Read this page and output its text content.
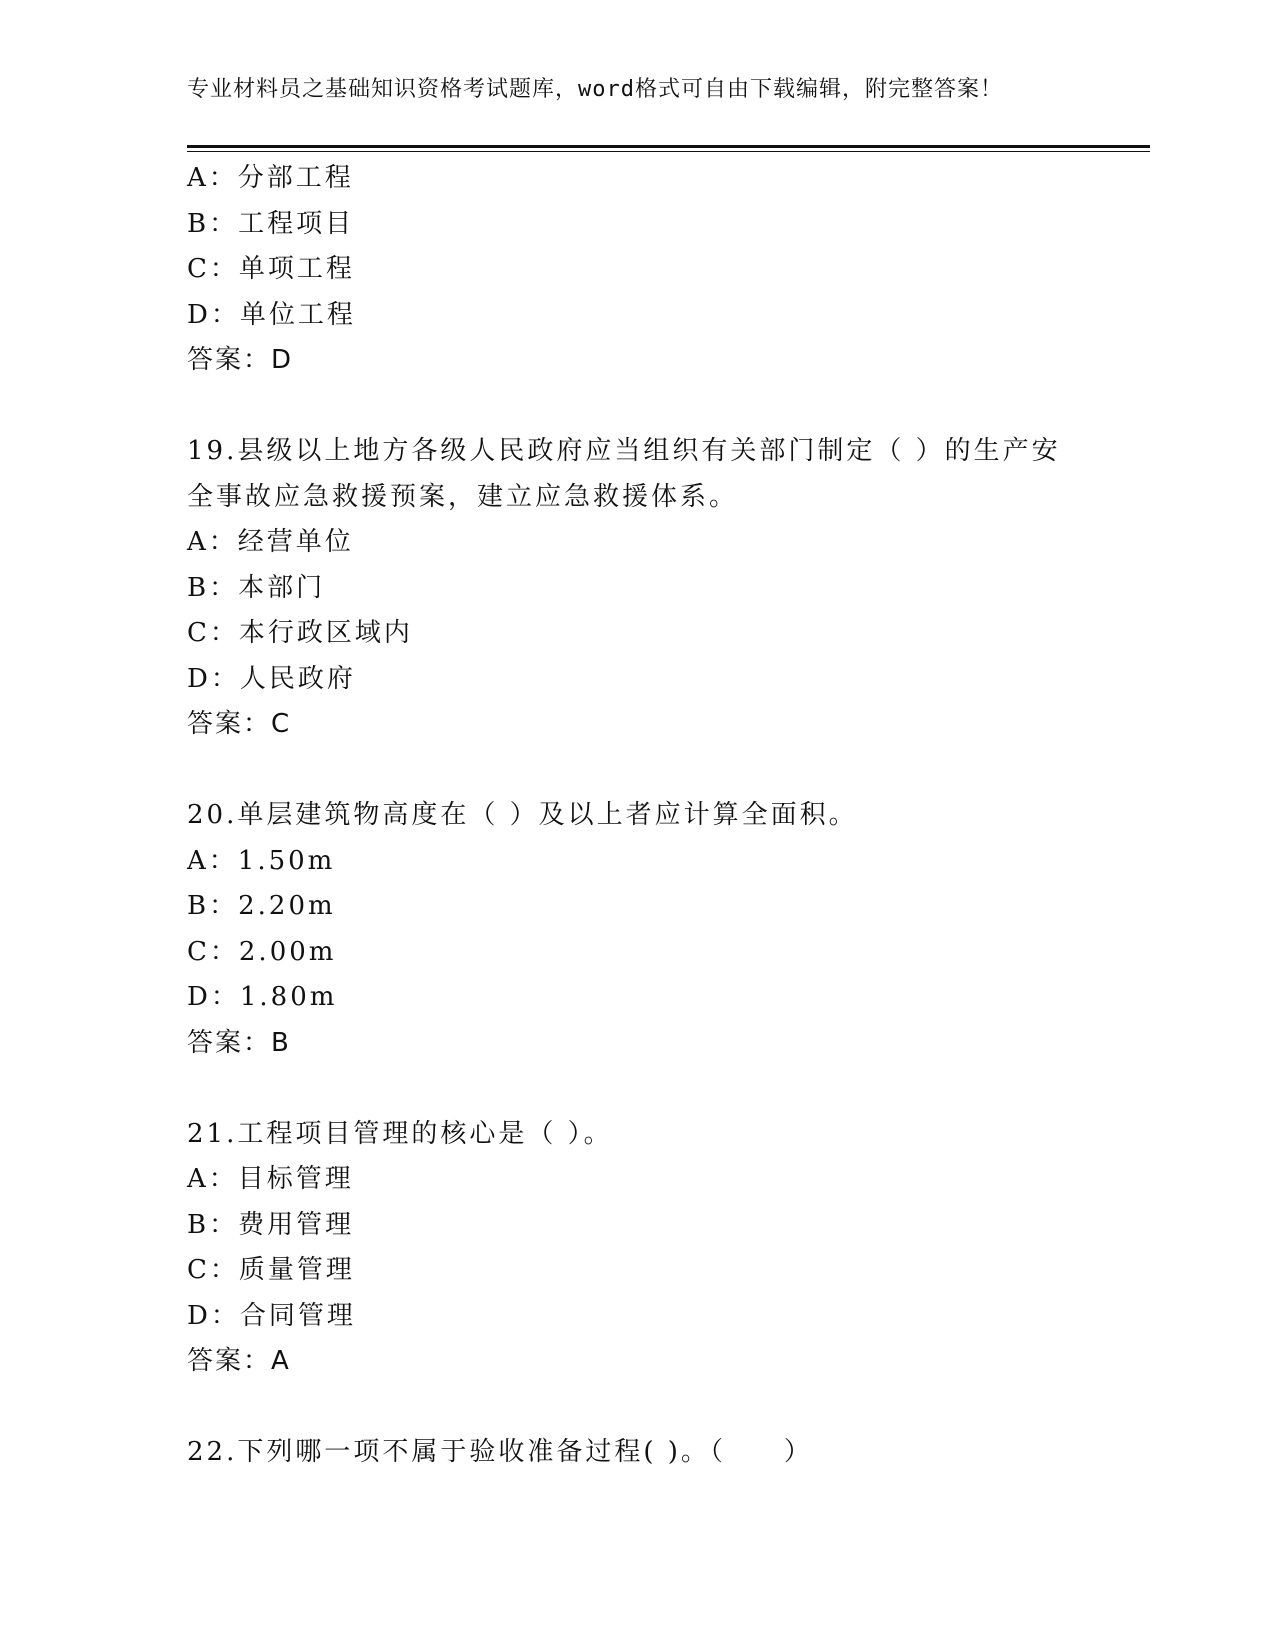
专业材料员之基础知识资格考试题库，word格式可自由下载编辑，附完整答案！
A：分部工程
B：工程项目
C：单项工程
D：单位工程
答案：D
19.县级以上地方各级人民政府应当组织有关部门制定（ ）的生产安
全事故应急救援预案，建立应急救援体系。
A：经营单位
B：本部门
C：本行政区域内
D：人民政府
答案：C
20.单层建筑物高度在（ ）及以上者应计算全面积。
A：1.50m
B：2.20m
C：2.00m
D：1.80m
答案：B
21.工程项目管理的核心是（ ）。
A：目标管理
B：费用管理
C：质量管理
D：合同管理
答案：A
22.下列哪一项不属于验收准备过程( )。（　　）
